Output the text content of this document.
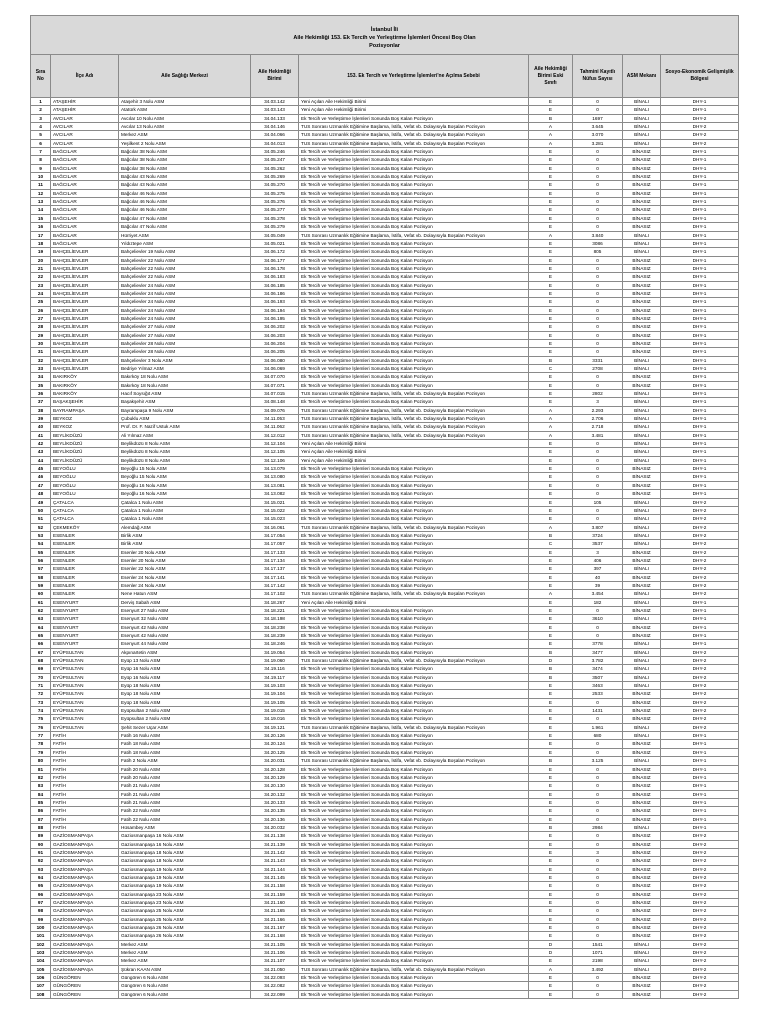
İstanbul İli								
Aile Hekimliği 153. Ek Tercih ve Yerleştirme İşlemleri Öncesi Boş Olan								
Pozisyonlar								
Sıra No	İlçe Adı	Aile Sağlığı Merkezi	Aile Hekimliği Birimi	153. Ek Tercih ve Yerleştirme İşlemleri'ne Açılma Sebebi	Aile Hekimliği Birimi Eski Sınıfı	Tahmini Kayıtlı Nüfus Sayısı	ASM Mekanı	Sosyo-Ekonomik Gelişmişlik Bölgesi
1	ATAŞEHİR	Ataşehir 3 Nolu ASM	34.03.142	Yeni Açılan Aile Hekimliği Birimi	E	0	BİNALI	DHY-1
2	ATAŞEHİR	Atatürk ASM	34.03.143	Yeni Açılan Aile Hekimliği Birimi	E	0	BİNALI	DHY-1
3	AVCILAR	Avcılar 10 Nolu ASM	34.04.133	Ek Tercih ve Yerleştirme İşlemleri Sonunda Boş Kalan Pozisyon	B	1697	BİNALI	DHY-2
4	AVCILAR	Avcılar 13 Nolu ASM	34.04.146	TUS Sonrası Uzmanlık Eğitimine Başlama, İstifa, Vefat vb. Dolayısıyla Boşalan Pozisyon	A	3.645	BİNALI	DHY-2
5	AVCILAR	Merkez ASM	34.04.066	TUS Sonrası Uzmanlık Eğitimine Başlama, İstifa, Vefat vb. Dolayısıyla Boşalan Pozisyon	A	3.070	BİNALI	DHY-2
6	AVCILAR	Yeşilkent 2 Nolu ASM	34.04.013	TUS Sonrası Uzmanlık Eğitimine Başlama, İstifa, Vefat vb. Dolayısıyla Boşalan Pozisyon	A	3.281	BİNALI	DHY-2
7	BAĞCILAR	Bağcılar 38 Nolu ASM	34.05.246	Ek Tercih ve Yerleştirme İşlemleri Sonunda Boş Kalan Pozisyon	E	0	BİNASIZ	DHY-1
8	BAĞCILAR	Bağcılar 38 Nolu ASM	34.05.247	Ek Tercih ve Yerleştirme İşlemleri Sonunda Boş Kalan Pozisyon	E	0	BİNASIZ	DHY-1
9	BAĞCILAR	Bağcılar 38 Nolu ASM	34.05.262	Ek Tercih ve Yerleştirme İşlemleri Sonunda Boş Kalan Pozisyon	E	0	BİNASIZ	DHY-1
10	BAĞCILAR	Bağcılar 43 Nolu ASM	34.05.269	Ek Tercih ve Yerleştirme İşlemleri Sonunda Boş Kalan Pozisyon	E	0	BİNASIZ	DHY-1
11	BAĞCILAR	Bağcılar 43 Nolu ASM	34.05.270	Ek Tercih ve Yerleştirme İşlemleri Sonunda Boş Kalan Pozisyon	E	0	BİNASIZ	DHY-1
12	BAĞCILAR	Bağcılar 46 Nolu ASM	34.05.275	Ek Tercih ve Yerleştirme İşlemleri Sonunda Boş Kalan Pozisyon	E	0	BİNASIZ	DHY-1
13	BAĞCILAR	Bağcılar 46 Nolu ASM	34.05.276	Ek Tercih ve Yerleştirme İşlemleri Sonunda Boş Kalan Pozisyon	E	0	BİNASIZ	DHY-1
14	BAĞCILAR	Bağcılar 46 Nolu ASM	34.05.277	Ek Tercih ve Yerleştirme İşlemleri Sonunda Boş Kalan Pozisyon	E	0	BİNASIZ	DHY-1
15	BAĞCILAR	Bağcılar 47 Nolu ASM	34.05.278	Ek Tercih ve Yerleştirme İşlemleri Sonunda Boş Kalan Pozisyon	E	0	BİNASIZ	DHY-1
16	BAĞCILAR	Bağcılar 47 Nolu ASM	34.05.279	Ek Tercih ve Yerleştirme İşlemleri Sonunda Boş Kalan Pozisyon	E	0	BİNASIZ	DHY-1
17	BAĞCILAR	Hürriyet ASM	34.05.049	TUS Sonrası Uzmanlık Eğitimine Başlama, İstifa, Vefat vb. Dolayısıyla Boşalan Pozisyon	A	3.840	BİNALI	DHY-1
18	BAĞCILAR	Yıldıztepe ASM	34.05.021	Ek Tercih ve Yerleştirme İşlemleri Sonunda Boş Kalan Pozisyon	E	3086	BİNALI	DHY-1
19	BAHÇELİEVLER	Bahçelievler 19 Nolu ASM	34.06.172	Ek Tercih ve Yerleştirme İşlemleri Sonunda Boş Kalan Pozisyon	E	805	BİNALI	DHY-1
20	BAHÇELİEVLER	Bahçelievler 22 Nolu ASM	34.06.177	Ek Tercih ve Yerleştirme İşlemleri Sonunda Boş Kalan Pozisyon	E	0	BİNASIZ	DHY-1
21	BAHÇELİEVLER	Bahçelievler 22 Nolu ASM	34.06.178	Ek Tercih ve Yerleştirme İşlemleri Sonunda Boş Kalan Pozisyon	E	0	BİNASIZ	DHY-1
22	BAHÇELİEVLER	Bahçelievler 22 Nolu ASM	34.06.183	Ek Tercih ve Yerleştirme İşlemleri Sonunda Boş Kalan Pozisyon	E	0	BİNASIZ	DHY-1
23	BAHÇELİEVLER	Bahçelievler 24 Nolu ASM	34.06.185	Ek Tercih ve Yerleştirme İşlemleri Sonunda Boş Kalan Pozisyon	E	0	BİNASIZ	DHY-1
24	BAHÇELİEVLER	Bahçelievler 24 Nolu ASM	34.06.186	Ek Tercih ve Yerleştirme İşlemleri Sonunda Boş Kalan Pozisyon	E	0	BİNASIZ	DHY-1
25	BAHÇELİEVLER	Bahçelievler 24 Nolu ASM	34.06.193	Ek Tercih ve Yerleştirme İşlemleri Sonunda Boş Kalan Pozisyon	E	0	BİNASIZ	DHY-1
26	BAHÇELİEVLER	Bahçelievler 24 Nolu ASM	34.06.194	Ek Tercih ve Yerleştirme İşlemleri Sonunda Boş Kalan Pozisyon	E	0	BİNASIZ	DHY-1
27	BAHÇELİEVLER	Bahçelievler 24 Nolu ASM	34.06.195	Ek Tercih ve Yerleştirme İşlemleri Sonunda Boş Kalan Pozisyon	E	0	BİNASIZ	DHY-1
28	BAHÇELİEVLER	Bahçelievler 27 Nolu ASM	34.06.202	Ek Tercih ve Yerleştirme İşlemleri Sonunda Boş Kalan Pozisyon	E	0	BİNASIZ	DHY-1
29	BAHÇELİEVLER	Bahçelievler 27 Nolu ASM	34.06.203	Ek Tercih ve Yerleştirme İşlemleri Sonunda Boş Kalan Pozisyon	E	0	BİNASIZ	DHY-1
30	BAHÇELİEVLER	Bahçelievler 28 Nolu ASM	34.06.204	Ek Tercih ve Yerleştirme İşlemleri Sonunda Boş Kalan Pozisyon	E	0	BİNASIZ	DHY-1
31	BAHÇELİEVLER	Bahçelievler 28 Nolu ASM	34.06.205	Ek Tercih ve Yerleştirme İşlemleri Sonunda Boş Kalan Pozisyon	E	0	BİNASIZ	DHY-1
32	BAHÇELİEVLER	Bahçelievler 3 Nolu ASM	34.06.080	Ek Tercih ve Yerleştirme İşlemleri Sonunda Boş Kalan Pozisyon	B	3331	BİNALI	DHY-1
33	BAHÇELİEVLER	Bedriye Yılmaz ASM	34.06.069	Ek Tercih ve Yerleştirme İşlemleri Sonunda Boş Kalan Pozisyon	C	2708	BİNALI	DHY-1
34	BAKIRKÖY	Bakırköy 18 Nolu ASM	34.07.070	Ek Tercih ve Yerleştirme İşlemleri Sonunda Boş Kalan Pozisyon	E	0	BİNASIZ	DHY-1
35	BAKIRKÖY	Bakırköy 18 Nolu ASM	34.07.071	Ek Tercih ve Yerleştirme İşlemleri Sonunda Boş Kalan Pozisyon	E	0	BİNASIZ	DHY-1
36	BAKIRKÖY	Hacıf Soysığıt ASM	34.07.015	TUS Sonrası Uzmanlık Eğitimine Başlama, İstifa, Vefat vb. Dolayısıyla Boşalan Pozisyon	E	2802	BİNALI	DHY-1
37	BAŞAKŞEHİR	Başakşehir ASM	34.08.148	Ek Tercih ve Yerleştirme İşlemleri Sonunda Boş Kalan Pozisyon	E	3	BİNALI	DHY-1
38	BAYRAMPAŞA	Bayrampaşa 9 Nolu ASM	34.09.076	TUS Sonrası Uzmanlık Eğitimine Başlama, İstifa, Vefat vb. Dolayısıyla Boşalan Pozisyon	A	2.293	BİNALI	DHY-1
39	BEYKOZ	Çubuklu ASM	34.11.053	TUS Sonrası Uzmanlık Eğitimine Başlama, İstifa, Vefat vb. Dolayısıyla Boşalan Pozisyon	A	2.706	BİNALI	DHY-1
40	BEYKOZ	Prof. Dr. F. Nazif Ustuk ASM	34.11.062	TUS Sonrası Uzmanlık Eğitimine Başlama, İstifa, Vefat vb. Dolayısıyla Boşalan Pozisyon	A	2.718	BİNALI	DHY-1
41	BEYLİKDÜZÜ	Ali Yılmaz ASM	34.12.012	TUS Sonrası Uzmanlık Eğitimine Başlama, İstifa, Vefat vb. Dolayısıyla Boşalan Pozisyon	A	3.481	BİNALI	DHY-1
42	BEYLİKDÜZÜ	Beylikdüzü 8 Nolu ASM	34.12.104	Yeni Açılan Aile Hekimliği Birimi	E	0	BİNALI	DHY-1
43	BEYLİKDÜZÜ	Beylikdüzü 8 Nolu ASM	34.12.105	Yeni Açılan Aile Hekimliği Birimi	E	0	BİNALI	DHY-1
44	BEYLİKDÜZÜ	Beylikdüzü 8 Nolu ASM	34.12.106	Yeni Açılan Aile Hekimliği Birimi	E	0	BİNALI	DHY-1
45	BEYOĞLU	Beyoğlu 15 Nolu ASM	34.13.079	Ek Tercih ve Yerleştirme İşlemleri Sonunda Boş Kalan Pozisyon	E	0	BİNASIZ	DHY-1
46	BEYOĞLU	Beyoğlu 15 Nolu ASM	34.13.080	Ek Tercih ve Yerleştirme İşlemleri Sonunda Boş Kalan Pozisyon	E	0	BİNASIZ	DHY-1
47	BEYOĞLU	Beyoğlu 16 Nolu ASM	34.13.081	Ek Tercih ve Yerleştirme İşlemleri Sonunda Boş Kalan Pozisyon	E	0	BİNASIZ	DHY-1
48	BEYOĞLU	Beyoğlu 16 Nolu ASM	34.13.082	Ek Tercih ve Yerleştirme İşlemleri Sonunda Boş Kalan Pozisyon	E	0	BİNASIZ	DHY-1
49	ÇATALCA	Çatalca 1 Nolu ASM	34.15.021	Ek Tercih ve Yerleştirme İşlemleri Sonunda Boş Kalan Pozisyon	E	105	BİNALI	DHY-2
50	ÇATALCA	Çatalca 1 Nolu ASM	34.15.022	Ek Tercih ve Yerleştirme İşlemleri Sonunda Boş Kalan Pozisyon	E	0	BİNALI	DHY-2
51	ÇATALCA	Çatalca 1 Nolu ASM	34.15.023	Ek Tercih ve Yerleştirme İşlemleri Sonunda Boş Kalan Pozisyon	E	0	BİNALI	DHY-2
52	ÇEKMEKÖY	Alemdağ ASM	34.16.061	TUS Sonrası Uzmanlık Eğitimine Başlama, İstifa, Vefat vb. Dolayısıyla Boşalan Pozisyon	A	3.807	BİNALI	DHY-2
53	ESENLER	Birlik ASM	34.17.054	Ek Tercih ve Yerleştirme İşlemleri Sonunda Boş Kalan Pozisyon	B	3724	BİNALI	DHY-2
54	ESENLER	Birlik ASM	34.17.057	Ek Tercih ve Yerleştirme İşlemleri Sonunda Boş Kalan Pozisyon	C	3537	BİNALI	DHY-2
55	ESENLER	Esenler 20 Nolu ASM	34.17.133	Ek Tercih ve Yerleştirme İşlemleri Sonunda Boş Kalan Pozisyon	E	3	BİNASIZ	DHY-2
56	ESENLER	Esenler 20 Nolu ASM	34.17.134	Ek Tercih ve Yerleştirme İşlemleri Sonunda Boş Kalan Pozisyon	E	406	BİNASIZ	DHY-2
57	ESENLER	Esenler 22 Nolu ASM	34.17.137	Ek Tercih ve Yerleştirme İşlemleri Sonunda Boş Kalan Pozisyon	E	397	BİNALI	DHY-2
58	ESENLER	Esenler 24 Nolu ASM	34.17.141	Ek Tercih ve Yerleştirme İşlemleri Sonunda Boş Kalan Pozisyon	E	40	BİNASIZ	DHY-2
59	ESENLER	Esenler 24 Nolu ASM	34.17.142	Ek Tercih ve Yerleştirme İşlemleri Sonunda Boş Kalan Pozisyon	E	39	BİNASIZ	DHY-2
60	ESENLER	Nene Hatun ASM	34.17.102	TUS Sonrası Uzmanlık Eğitimine Başlama, İstifa, Vefat vb. Dolayısıyla Boşalan Pozisyon	A	3.454	BİNALI	DHY-2
61	ESENYURT	Derviş Sabah ASM	34.18.267	Yeni Açılan Aile Hekimliği Birimi	E	182	BİNALI	DHY-1
62	ESENYURT	Esenyurt 27 Nolu ASM	34.18.221	Ek Tercih ve Yerleştirme İşlemleri Sonunda Boş Kalan Pozisyon	E	0	BİNASIZ	DHY-1
63	ESENYURT	Esenyurt 32 Nolu ASM	34.18.198	Ek Tercih ve Yerleştirme İşlemleri Sonunda Boş Kalan Pozisyon	E	3610	BİNALI	DHY-1
64	ESENYURT	Esenyurt 42 Nolu ASM	34.18.238	Ek Tercih ve Yerleştirme İşlemleri Sonunda Boş Kalan Pozisyon	E	0	BİNASIZ	DHY-1
65	ESENYURT	Esenyurt 42 Nolu ASM	34.18.239	Ek Tercih ve Yerleştirme İşlemleri Sonunda Boş Kalan Pozisyon	E	0	BİNASIZ	DHY-1
66	ESENYURT	Esenyurt 44 Nolu ASM	34.18.246	Ek Tercih ve Yerleştirme İşlemleri Sonunda Boş Kalan Pozisyon	E	3778	BİNALI	DHY-1
67	EYÜPSULTAN	Akpınartetin ASM	34.19.054	Ek Tercih ve Yerleştirme İşlemleri Sonunda Boş Kalan Pozisyon	B	3477	BİNALI	DHY-2
68	EYÜPSULTAN	Eyüp 13 Nolu ASM	34.19.060	TUS Sonrası Uzmanlık Eğitimine Başlama, İstifa, Vefat vb. Dolayısıyla Boşalan Pozisyon	D	3.782	BİNALI	DHY-2
69	EYÜPSULTAN	Eyüp 16 Nolu ASM	34.19.116	Ek Tercih ve Yerleştirme İşlemleri Sonunda Boş Kalan Pozisyon	B	3474	BİNALI	DHY-2
70	EYÜPSULTAN	Eyüp 16 Nolu ASM	34.19.117	Ek Tercih ve Yerleştirme İşlemleri Sonunda Boş Kalan Pozisyon	B	3507	BİNALI	DHY-2
71	EYÜPSULTAN	Eyüp 18 Nolu ASM	34.19.103	Ek Tercih ve Yerleştirme İşlemleri Sonunda Boş Kalan Pozisyon	E	3463	BİNALI	DHY-2
72	EYÜPSULTAN	Eyüp 18 Nolu ASM	34.19.104	Ek Tercih ve Yerleştirme İşlemleri Sonunda Boş Kalan Pozisyon	E	2533	BİNASIZ	DHY-2
73	EYÜPSULTAN	Eyüp 18 Nolu ASM	34.19.105	Ek Tercih ve Yerleştirme İşlemleri Sonunda Boş Kalan Pozisyon	E	0	BİNASIZ	DHY-2
74	EYÜPSULTAN	Eyüpsultan 2 Nolu ASM	34.19.015	Ek Tercih ve Yerleştirme İşlemleri Sonunda Boş Kalan Pozisyon	E	1431	BİNASIZ	DHY-2
75	EYÜPSULTAN	Eyüpsultan 2 Nolu ASM	34.19.016	Ek Tercih ve Yerleştirme İşlemleri Sonunda Boş Kalan Pozisyon	E	0	BİNASIZ	DHY-2
76	EYÜPSULTAN	Şehit Sezer Uçar ASM	34.19.121	TUS Sonrası Uzmanlık Eğitimine Başlama, İstifa, Vefat vb. Dolayısıyla Boşalan Pozisyon	E	1.961	BİNALI	DHY-2
77	FATİH	Fatih 16 Nolu ASM	34.20.126	Ek Tercih ve Yerleştirme İşlemleri Sonunda Boş Kalan Pozisyon	E	680	BİNALI	DHY-1
78	FATİH	Fatih 18 Nolu ASM	34.20.124	Ek Tercih ve Yerleştirme İşlemleri Sonunda Boş Kalan Pozisyon	E	0	BİNASIZ	DHY-1
79	FATİH	Fatih 18 Nolu ASM	34.20.125	Ek Tercih ve Yerleştirme İşlemleri Sonunda Boş Kalan Pozisyon	E	0	BİNASIZ	DHY-1
80	FATİH	Fatih 2 Nolu ASM	34.20.031	TUS Sonrası Uzmanlık Eğitimine Başlama, İstifa, Vefat vb. Dolayısıyla Boşalan Pozisyon	B	3.125	BİNALI	DHY-1
81	FATİH	Fatih 20 Nolu ASM	34.20.128	Ek Tercih ve Yerleştirme İşlemleri Sonunda Boş Kalan Pozisyon	E	0	BİNASIZ	DHY-1
82	FATİH	Fatih 20 Nolu ASM	34.20.129	Ek Tercih ve Yerleştirme İşlemleri Sonunda Boş Kalan Pozisyon	E	0	BİNASIZ	DHY-1
83	FATİH	Fatih 21 Nolu ASM	34.20.130	Ek Tercih ve Yerleştirme İşlemleri Sonunda Boş Kalan Pozisyon	E	0	BİNASIZ	DHY-1
84	FATİH	Fatih 21 Nolu ASM	34.20.132	Ek Tercih ve Yerleştirme İşlemleri Sonunda Boş Kalan Pozisyon	E	0	BİNASIZ	DHY-1
85	FATİH	Fatih 21 Nolu ASM	34.20.133	Ek Tercih ve Yerleştirme İşlemleri Sonunda Boş Kalan Pozisyon	E	0	BİNASIZ	DHY-1
86	FATİH	Fatih 22 Nolu ASM	34.20.135	Ek Tercih ve Yerleştirme İşlemleri Sonunda Boş Kalan Pozisyon	E	0	BİNASIZ	DHY-1
87	FATİH	Fatih 22 Nolu ASM	34.20.136	Ek Tercih ve Yerleştirme İşlemleri Sonunda Boş Kalan Pozisyon	E	0	BİNASIZ	DHY-1
88	FATİH	Hüsambey ASM	34.20.032	Ek Tercih ve Yerleştirme İşlemleri Sonunda Boş Kalan Pozisyon	B	2984	BİNALI	DHY-1
89	GAZİOSMANPAŞA	Gaziosmanpaşa 16 Nolu ASM	34.21.138	Ek Tercih ve Yerleştirme İşlemleri Sonunda Boş Kalan Pozisyon	E	0	BİNASIZ	DHY-2
90	GAZİOSMANPAŞA	Gaziosmanpaşa 16 Nolu ASM	34.21.139	Ek Tercih ve Yerleştirme İşlemleri Sonunda Boş Kalan Pozisyon	E	0	BİNASIZ	DHY-2
91	GAZİOSMANPAŞA	Gaziosmanpaşa 18 Nolu ASM	34.21.142	Ek Tercih ve Yerleştirme İşlemleri Sonunda Boş Kalan Pozisyon	E	3	BİNASIZ	DHY-2
92	GAZİOSMANPAŞA	Gaziosmanpaşa 18 Nolu ASM	34.21.143	Ek Tercih ve Yerleştirme İşlemleri Sonunda Boş Kalan Pozisyon	E	0	BİNASIZ	DHY-2
93	GAZİOSMANPAŞA	Gaziosmanpaşa 19 Nolu ASM	34.21.144	Ek Tercih ve Yerleştirme İşlemleri Sonunda Boş Kalan Pozisyon	E	0	BİNASIZ	DHY-2
94	GAZİOSMANPAŞA	Gaziosmanpaşa 19 Nolu ASM	34.21.145	Ek Tercih ve Yerleştirme İşlemleri Sonunda Boş Kalan Pozisyon	E	0	BİNASIZ	DHY-2
95	GAZİOSMANPAŞA	Gaziosmanpaşa 19 Nolu ASM	34.21.158	Ek Tercih ve Yerleştirme İşlemleri Sonunda Boş Kalan Pozisyon	E	0	BİNASIZ	DHY-2
96	GAZİOSMANPAŞA	Gaziosmanpaşa 23 Nolu ASM	34.21.159	Ek Tercih ve Yerleştirme İşlemleri Sonunda Boş Kalan Pozisyon	E	0	BİNASIZ	DHY-2
97	GAZİOSMANPAŞA	Gaziosmanpaşa 23 Nolu ASM	34.21.160	Ek Tercih ve Yerleştirme İşlemleri Sonunda Boş Kalan Pozisyon	E	0	BİNASIZ	DHY-2
98	GAZİOSMANPAŞA	Gaziosmanpaşa 25 Nolu ASM	34.21.165	Ek Tercih ve Yerleştirme İşlemleri Sonunda Boş Kalan Pozisyon	E	0	BİNASIZ	DHY-2
99	GAZİOSMANPAŞA	Gaziosmanpaşa 25 Nolu ASM	34.21.166	Ek Tercih ve Yerleştirme İşlemleri Sonunda Boş Kalan Pozisyon	E	0	BİNASIZ	DHY-2
100	GAZİOSMANPAŞA	Gaziosmanpaşa 26 Nolu ASM	34.21.167	Ek Tercih ve Yerleştirme İşlemleri Sonunda Boş Kalan Pozisyon	E	0	BİNASIZ	DHY-2
101	GAZİOSMANPAŞA	Gaziosmanpaşa 26 Nolu ASM	34.21.168	Ek Tercih ve Yerleştirme İşlemleri Sonunda Boş Kalan Pozisyon	E	0	BİNASIZ	DHY-2
102	GAZİOSMANPAŞA	Merkez ASM	34.21.105	Ek Tercih ve Yerleştirme İşlemleri Sonunda Boş Kalan Pozisyon	D	1541	BİNALI	DHY-2
103	GAZİOSMANPAŞA	Merkez ASM	34.21.106	Ek Tercih ve Yerleştirme İşlemleri Sonunda Boş Kalan Pozisyon	D	1071	BİNALI	DHY-2
104	GAZİOSMANPAŞA	Merkez ASM	34.21.107	Ek Tercih ve Yerleştirme İşlemleri Sonunda Boş Kalan Pozisyon	E	2198	BİNALI	DHY-2
105	GAZİOSMANPAŞA	Şükran KAAN ASM	34.21.050	TUS Sonrası Uzmanlık Eğitimine Başlama, İstifa, Vefat vb. Dolayısıyla Boşalan Pozisyon	A	3.492	BİNALI	DHY-2
106	GÜNGÖREN	Güngören 6 Nolu ASM	34.22.093	Ek Tercih ve Yerleştirme İşlemleri Sonunda Boş Kalan Pozisyon	E	0	BİNASIZ	DHY-2
107	GÜNGÖREN	Güngören 6 Nolu ASM	34.22.082	Ek Tercih ve Yerleştirme İşlemleri Sonunda Boş Kalan Pozisyon	E	0	BİNASIZ	DHY-2
108	GÜNGÖREN	Güngören 6 Nolu ASM	34.22.099	Ek Tercih ve Yerleştirme İşlemleri Sonunda Boş Kalan Pozisyon	E	0	BİNASIZ	DHY-2
